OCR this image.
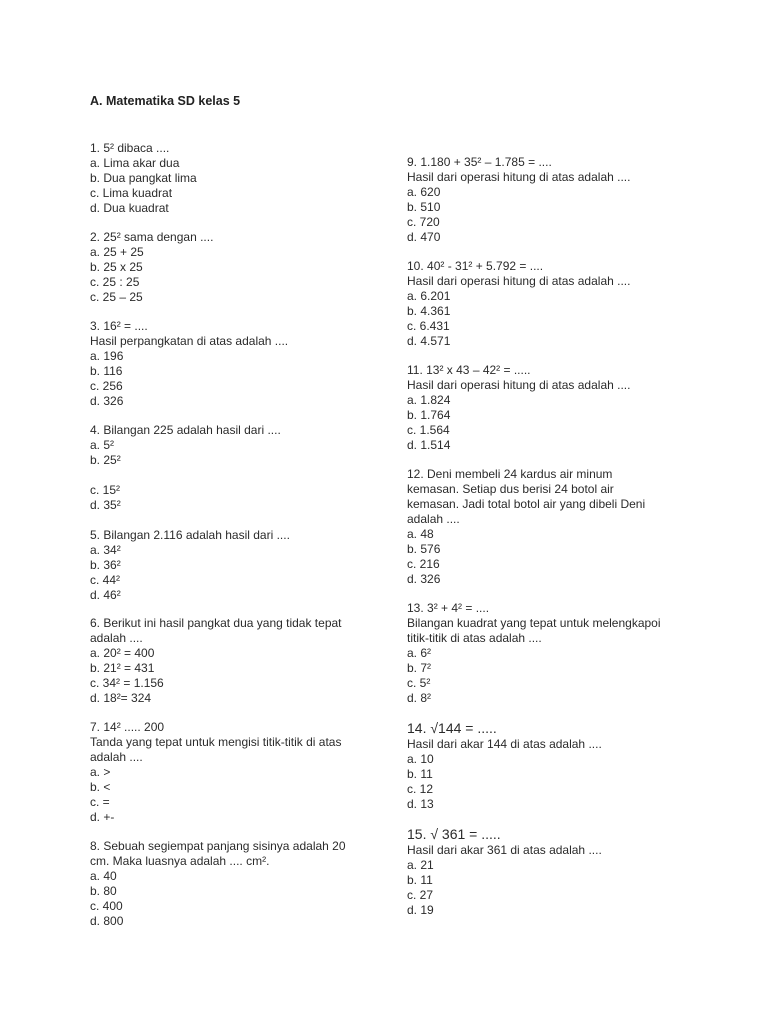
A. Matematika SD kelas 5
1. 5² dibaca ....
a. Lima akar dua
b. Dua pangkat lima
c. Lima kuadrat
d. Dua kuadrat
2. 25² sama dengan ....
a. 25 + 25
b. 25 x 25
c. 25 : 25
c. 25 – 25
3. 16² = ....
Hasil perpangkatan di atas adalah ....
a. 196
b. 116
c. 256
d. 326
4. Bilangan 225 adalah hasil dari ....
a. 5²
b. 25²
c. 15²
d. 35²
5. Bilangan 2.116 adalah hasil dari ....
a. 34²
b. 36²
c. 44²
d. 46²
6. Berikut ini hasil pangkat dua yang tidak tepat
adalah ....
a. 20² = 400
b. 21² = 431
c. 34² = 1.156
d. 18²= 324
7. 14² ..... 200
Tanda yang tepat untuk mengisi titik-titik di atas
adalah ....
a. >
b. <
c. =
d. +-
8. Sebuah segiempat panjang sisinya adalah 20
cm. Maka luasnya adalah .... cm².
a. 40
b. 80
c. 400
d. 800
9. 1.180 + 35² – 1.785 = ....
Hasil dari operasi hitung di atas adalah ....
a. 620
b. 510
c. 720
d. 470
10. 40² - 31² + 5.792 = ....
Hasil dari operasi hitung di atas adalah ....
a. 6.201
b. 4.361
c. 6.431
d. 4.571
11. 13² x 43 – 42² = .....
Hasil dari operasi hitung di atas adalah ....
a. 1.824
b. 1.764
c. 1.564
d. 1.514
12. Deni membeli 24 kardus air minum
kemasan. Setiap dus berisi 24 botol air
kemasan. Jadi total botol air yang dibeli Deni
adalah ....
a. 48
b. 576
c. 216
d. 326
13. 3² + 4² = ....
Bilangan kuadrat yang tepat untuk melengkapoi
titik-titik di atas adalah ....
a. 6²
b. 7²
c. 5²
d. 8²
14. √144 = .....
Hasil dari akar 144 di atas adalah ....
a. 10
b. 11
c. 12
d. 13
15. √ 361 = .....
Hasil dari akar 361 di atas adalah ....
a. 21
b. 11
c. 27
d. 19
